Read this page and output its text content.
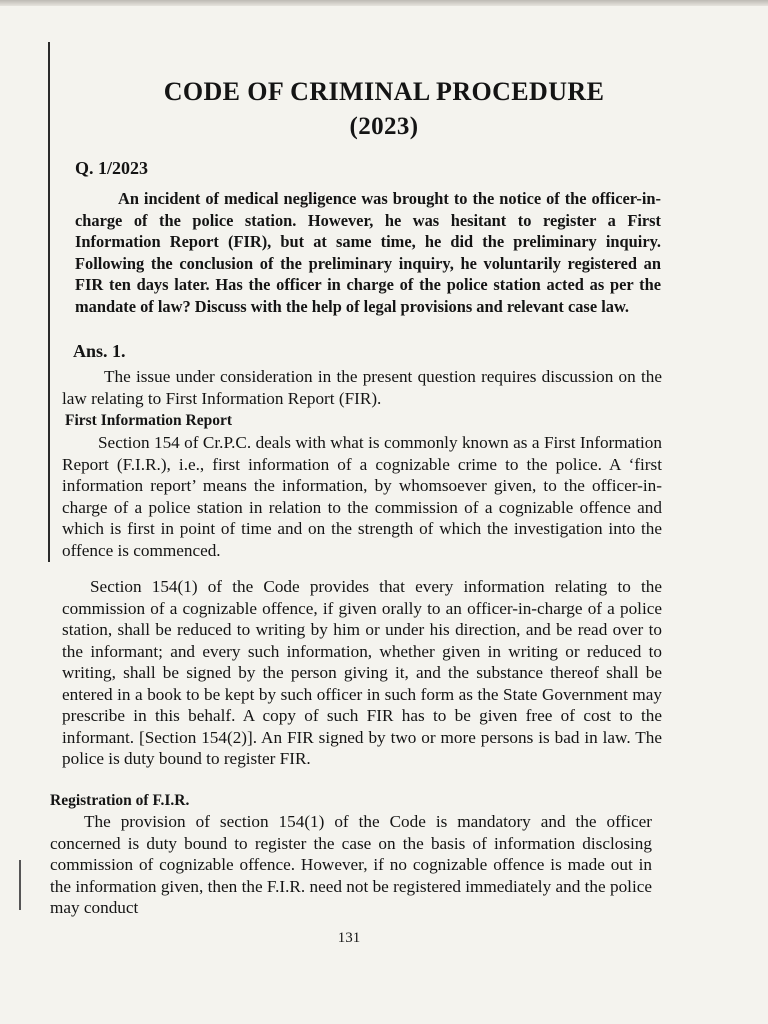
CODE OF CRIMINAL PROCEDURE
(2023)

Q. 1/2023

An incident of medical negligence was brought to the notice of the officer-in-charge of the police station. However, he was hesitant to register a First Information Report (FIR), but at same time, he did the preliminary inquiry. Following the conclusion of the preliminary inquiry, he voluntarily registered an FIR ten days later. Has the officer in charge of the police station acted as per the mandate of law? Discuss with the help of legal provisions and relevant case law.

Ans. 1.

The issue under consideration in the present question requires discussion on the law relating to First Information Report (FIR).

First Information Report

Section 154 of Cr.P.C. deals with what is commonly known as a First Information Report (F.I.R.), i.e., first information of a cognizable crime to the police. A ‘first information report’ means the information, by whomsoever given, to the officer-in-charge of a police station in relation to the commission of a cognizable offence and which is first in point of time and on the strength of which the investigation into the offence is commenced.

Section 154(1) of the Code provides that every information relating to the commission of a cognizable offence, if given orally to an officer-in-charge of a police station, shall be reduced to writing by him or under his direction, and be read over to the informant; and every such information, whether given in writing or reduced to writing, shall be signed by the person giving it, and the substance thereof shall be entered in a book to be kept by such officer in such form as the State Government may prescribe in this behalf. A copy of such FIR has to be given free of cost to the informant. [Section 154(2)]. An FIR signed by two or more persons is bad in law. The police is duty bound to register FIR.

Registration of F.I.R.

The provision of section 154(1) of the Code is mandatory and the officer concerned is duty bound to register the case on the basis of information disclosing commission of cognizable offence. However, if no cognizable offence is made out in the information given, then the F.I.R. need not be registered immediately and the police may conduct

131
